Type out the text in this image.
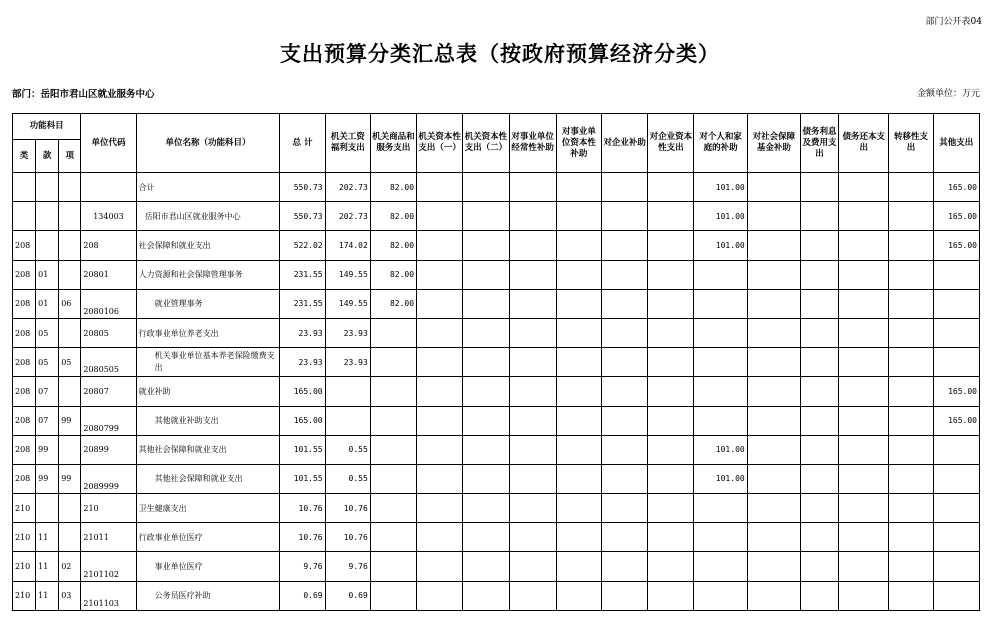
部门公开表04
支出预算分类汇总表（按政府预算经济分类）
部门：岳阳市君山区就业服务中心	金额单位：万元
功能科目			单位代码	单位名称（功能科目）	总 计	机关工资福利支出	机关商品和服务支出	机关资本性支出（一）	机关资本性支出（二）	对事业单位经常性补助	对事业单位资本性补助	对企业补助	对企业资本性支出	对个人和家庭的补助	对社会保障基金补助	债务利息及费用支出	债务还本支出	转移性支出	其他支出
类	款	项																	
				合计	550.73	202.73	82.00							101.00					165.00
			134003	岳阳市君山区就业服务中心	550.73	202.73	82.00							101.00					165.00
208			208	社会保障和就业支出	522.02	174.02	82.00							101.00					165.00
208	01		20801	人力资源和社会保障管理事务	231.55	149.55	82.00												
208	01	06	2080106	就业管理事务	231.55	149.55	82.00												
208	05		20805	行政事业单位养老支出	23.93	23.93													
208	05	05	2080505	机关事业单位基本养老保险缴费支出	23.93	23.93													
208	07		20807	就业补助	165.00														165.00
208	07	99	2080799	其他就业补助支出	165.00														165.00
208	99		20899	其他社会保障和就业支出	101.55	0.55								101.00					
208	99	99	2089999	其他社会保障和就业支出	101.55	0.55								101.00					
210			210	卫生健康支出	10.76	10.76													
210	11		21011	行政事业单位医疗	10.76	10.76													
210	11	02	2101102	事业单位医疗	9.76	9.76													
210	11	03	2101103	公务员医疗补助	0.69	0.69													
